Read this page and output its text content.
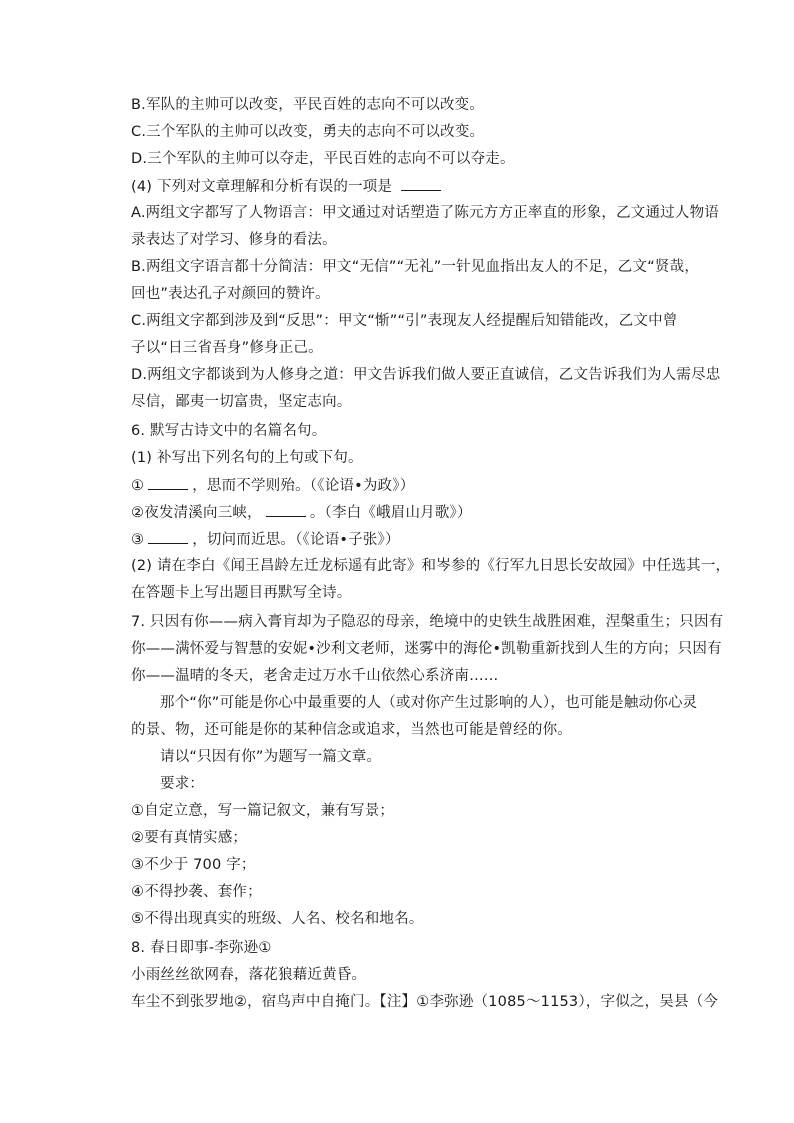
B.军队的主帅可以改变，平民百姓的志向不可以改变。
C.三个军队的主帅可以改变，勇夫的志向不可以改变。
D.三个军队的主帅可以夺走，平民百姓的志向不可以夺走。
(4) 下列对文章理解和分析有误的一项是
A.两组文字都写了人物语言：甲文通过对话塑造了陈元方方正率直的形象，乙文通过人物语
录表达了对学习、修身的看法。
B.两组文字语言都十分简洁：甲文“无信”“无礼”一针见血指出友人的不足，乙文“贤哉，
回也”表达孔子对颜回的赞许。
C.两组文字都到涉及到“反思”：甲文“惭”“引”表现友人经提醒后知错能改，乙文中曾
子以“日三省吾身”修身正己。
D.两组文字都谈到为人修身之道：甲文告诉我们做人要正直诚信，乙文告诉我们为人需尽忠
尽信，鄙夷一切富贵，坚定志向。
6. 默写古诗文中的名篇名句。
(1) 补写出下列名句的上句或下句。
①	，思而不学则殆。（《论语•为政》）
②夜发清溪向三峡，	。（李白《峨眉山月歌》）
③	，切问而近思。（《论语•子张》）
(2) 请在李白《闻王昌龄左迁龙标遥有此寄》和岑参的《行军九日思长安故园》中任选其一，
在答题卡上写出题目再默写全诗。
7. 只因有你——病入膏肓却为子隐忍的母亲，绝境中的史铁生战胜困难，涅槃重生；只因有
你——满怀爱与智慧的安妮•沙利文老师，迷雾中的海伦•凯勒重新找到人生的方向；只因有
你——温晴的冬天，老舍走过万水千山依然心系济南……
那个“你”可能是你心中最重要的人（或对你产生过影响的人），也可能是触动你心灵
的景、物，还可能是你的某种信念或追求，当然也可能是曾经的你。
请以“只因有你”为题写一篇文章。
要求：
①自定立意，写一篇记叙文，兼有写景；
②要有真情实感；
③不少于 700 字；
④不得抄袭、套作；
⑤不得出现真实的班级、人名、校名和地名。
8. 春日即事-李弥逊①
小雨丝丝欲网春，落花狼藉近黄昏。
车尘不到张罗地②，宿鸟声中自掩门。【注】①李弥逊（1085～1153），字似之，吴县（今
